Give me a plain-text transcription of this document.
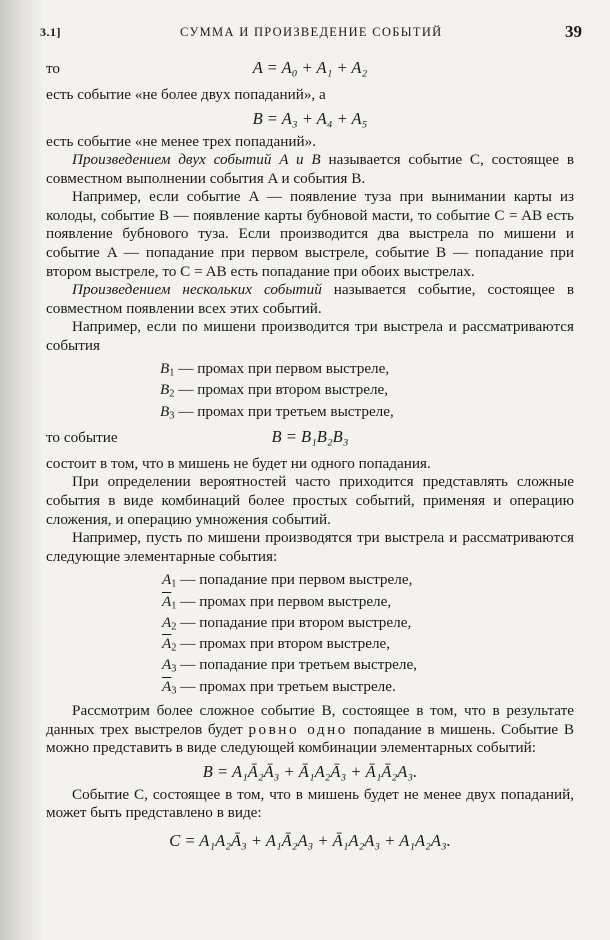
3.1]	СУММА И ПРОИЗВЕДЕНИЕ СОБЫТИЙ	39
то	A = A₀ + A₁ + A₂

есть событие «не более двух попаданий», а

B = A₃ + A₄ + A₅

есть событие «не менее трех попаданий».

Произведением двух событий A и B называется событие C, состоящее в совместном выполнении события A и события B.

Например, если событие A — появление туза при вынимании карты из колоды, событие B — появление карты бубновой масти, то событие C = AB есть появление бубнового туза. Если производится два выстрела по мишени и событие A — попадание при первом выстреле, событие B — попадание при втором выстреле, то C = AB есть попадание при обоих выстрелах.

Произведением нескольких событий называется событие, состоящее в совместном появлении всех этих событий.

Например, если по мишени производится три выстрела и рассматриваются события

$B_1$ — промах при первом выстреле,
$B_2$ — промах при втором выстреле,
$B_3$ — промах при третьем выстреле,
то событие	B = B₁B₂B₃

состоит в том, что в мишень не будет ни одного попадания.

При определении вероятностей часто приходится представлять сложные события в виде комбинаций более простых событий, применяя и операцию сложения, и операцию умножения событий.

Например, пусть по мишени производятся три выстрела и рассматриваются следующие элементарные события:

$A_1$ — попадание при первом выстреле,
$\overline{A}_1$ — промах при первом выстреле,
$A_2$ — попадание при втором выстреле,
$\overline{A}_2$ — промах при втором выстреле,
$A_3$ — попадание при третьем выстреле,
$\overline{A}_3$ — промах при третьем выстреле.

Рассмотрим более сложное событие B, состоящее в том, что в результате данных трех выстрелов будет ровно одно попадание в мишень. Событие B можно представить в виде следующей комбинации элементарных событий:

B = A₁Ā₂Ā₃ + Ā₁A₂Ā₃ + Ā₁Ā₂A₃.

Событие C, состоящее в том, что в мишень будет не менее двух попаданий, может быть представлено в виде:

C = A₁A₂Ā₃ + A₁Ā₂A₃ + Ā₁A₂A₃ + A₁A₂A₃.
